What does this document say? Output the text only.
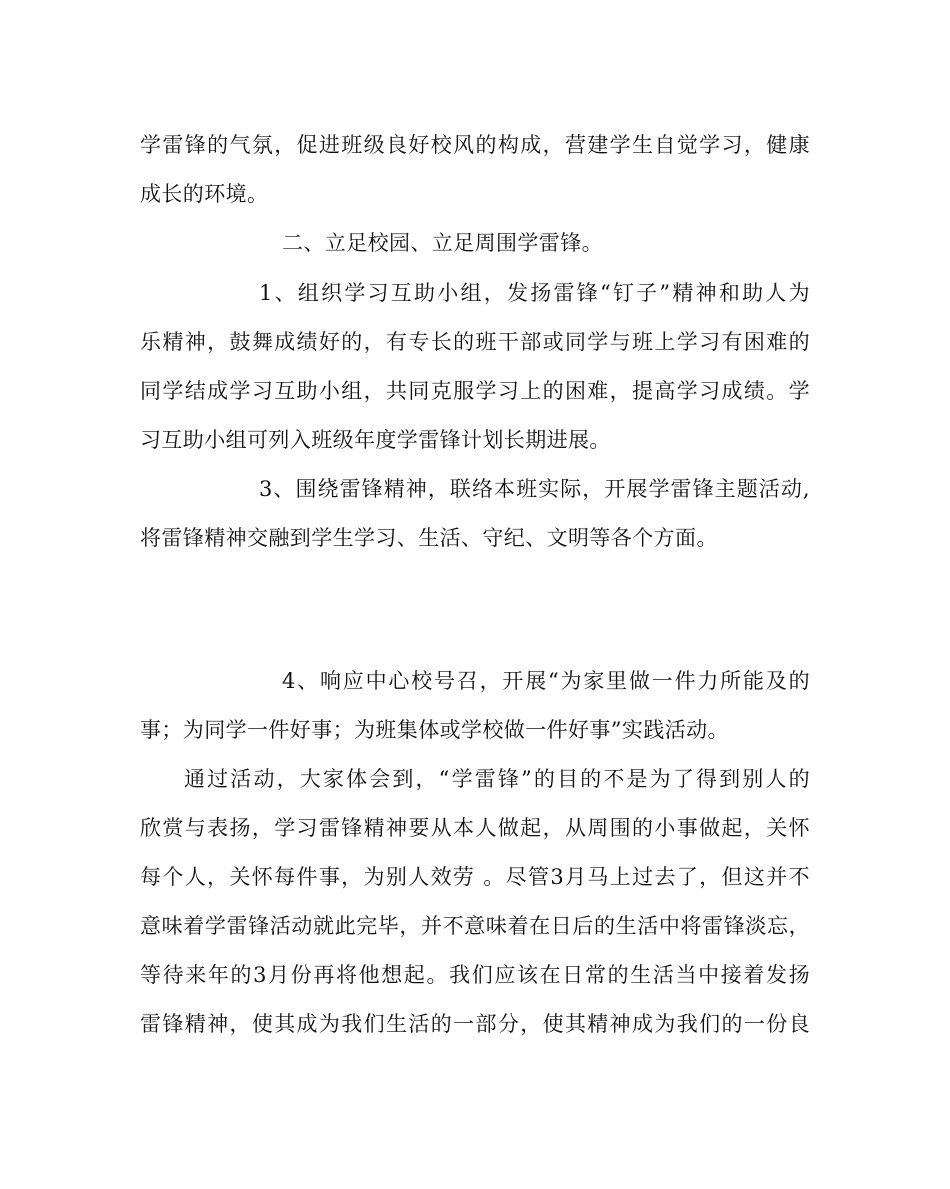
学雷锋的气氛，促进班级良好校风的构成，营建学生自觉学习，健康
成长的环境。
二、立足校园、立足周围学雷锋。
1、组织学习互助小组，发扬雷锋“钉子”精神和助人为
乐精神，鼓舞成绩好的，有专长的班干部或同学与班上学习有困难的
同学结成学习互助小组，共同克服学习上的困难，提高学习成绩。学
习互助小组可列入班级年度学雷锋计划长期进展。
3、围绕雷锋精神，联络本班实际，开展学雷锋主题活动,
将雷锋精神交融到学生学习、生活、守纪、文明等各个方面。
4、响应中心校号召，开展“为家里做一件力所能及的
事；为同学一件好事；为班集体或学校做一件好事”实践活动。
通过活动，大家体会到，“学雷锋”的目的不是为了得到别人的
欣赏与表扬，学习雷锋精神要从本人做起，从周围的小事做起，关怀
每个人，关怀每件事，为别人效劳 。尽管3月马上过去了，但这并不
意味着学雷锋活动就此完毕，并不意味着在日后的生活中将雷锋淡忘，
等待来年的3月份再将他想起。我们应该在日常的生活当中接着发扬
雷锋精神，使其成为我们生活的一部分，使其精神成为我们的一份良
